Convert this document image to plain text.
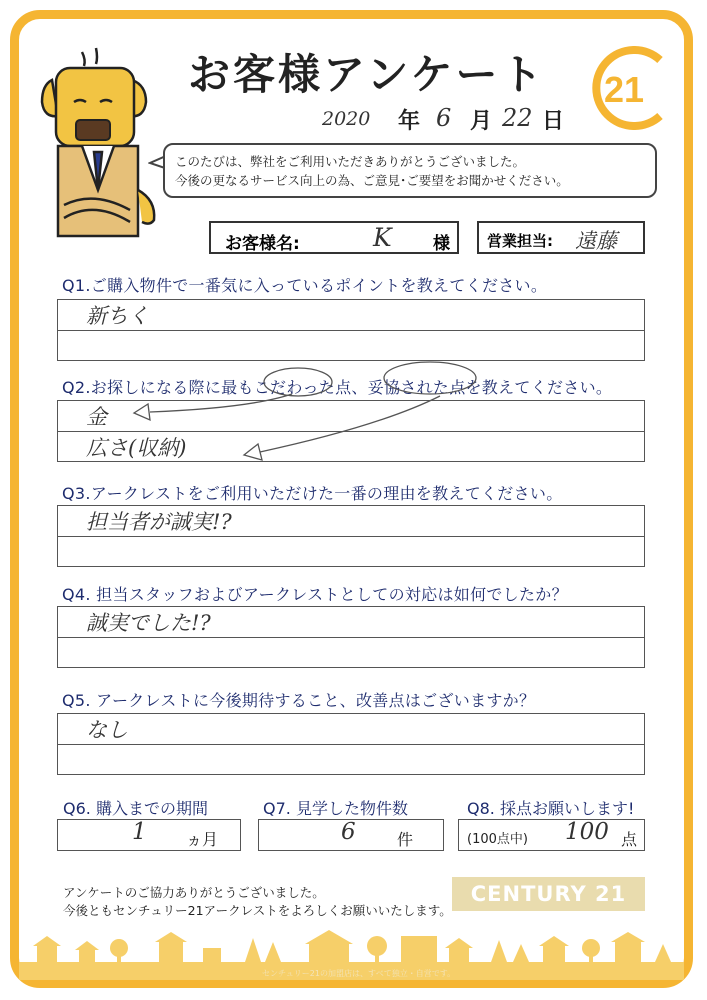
お客様アンケート 21
2020 年 6 月 22 日
このたびは、弊社をご利用いただきありがとうございました。
今後の更なるサービス向上の為、ご意見･ご要望をお聞かせください。
お客様名:	K 様 営業担当: 遠藤
Q1.ご購入物件で一番気に入っているポイントを教えてください。
新ちく
Q2.お探しになる際に最もこだわった点、妥協された点を教えてください。
金
広さ(収納)
Q3.アークレストをご利用いただけた一番の理由を教えてください。
担当者が誠実!?
Q4. 担当スタッフおよびアークレストとしての対応は如何でしたか？
誠実でした!?
Q5. アークレストに今後期待すること、改善点はございますか？
なし
Q6. 購入までの期間
1 ヵ月
Q7. 見学した物件数
6	件
Q8. 採点お願いします!
(100点中) 100 点
アンケートのご協力ありがとうございました。
今後ともセンチュリー21アークレストをよろしくお願いいたします。
CENTURY 21
センチュリー21の加盟店は、すべて独立・自営です。
